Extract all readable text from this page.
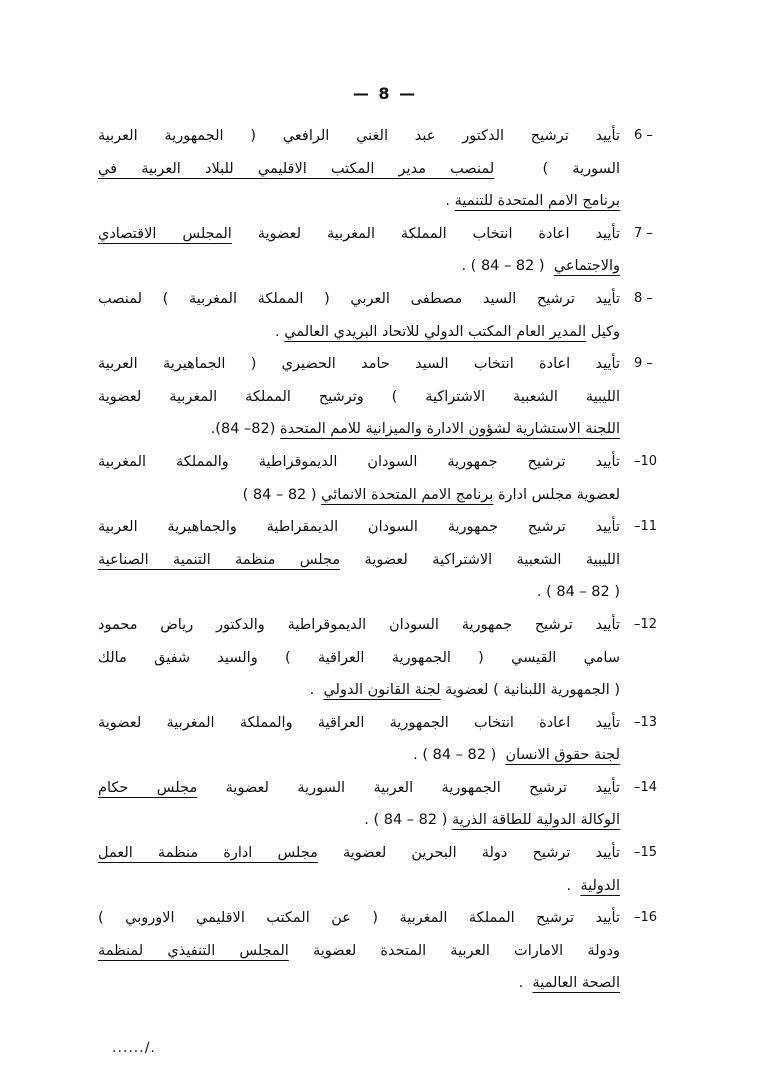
— 8 —
6 –
تأييد ترشيح الدكتور عبد الغني الرافعي ( الجمهورية العربية
السورية )  لمنصب مدير المكتب الاقليمي للبلاد العربية في
برنامج الامم المتحدة للتنمية .
7 –
تأييد اعادة انتخاب المملكة المغربية لعضوية المجلس الاقتصادي
والاجتماعي  ( 82 – 84 ) .
8 –
تأييد ترشيح السيد مصطفى العربي ( المملكة المغربية ) لمنصب
وكيل المدير العام المكتب الدولي للاتحاد البريدي العالمي .
9 –
تأييد اعادة انتخاب السيد حامد الحضيري ( الجماهيرية العربية
الليبية الشعبية الاشتراكية ) وترشيح المملكة المغربية لعضوية
اللجنة الاستشارية لشؤون الادارة والميزانية للامم المتحدة (82– 84).
–10
تأييد ترشيح جمهورية السودان الديموقراطية والمملكة المغربية
لعضوية مجلس ادارة برنامج الامم المتحدة الانمائي ( 82 – 84 )
–11
تأييد ترشيح جمهورية السودان الديمقراطية والجماهيرية العربية
الليبية الشعبية الاشتراكية لعضوية مجلس منظمة التنمية الصناعية
( 82 – 84 ) .
–12
تأييد ترشيح جمهورية السودان الديموقراطية والدكتور رياض محمود
سامي القيسي ( الجمهورية العراقية ) والسيد شفيق مالك
( الجمهورية اللبنانية ) لعضوية لجنة القانون الدولي  .
–13
تأييد اعادة انتخاب الجمهورية العراقية والمملكة المغربية لعضوية
لجنة حقوق الانسان  ( 82 – 84 ) .
–14
تأييد ترشيح الجمهورية العربية السورية لعضوية مجلس حكام
الوكالة الدولية للطاقة الذرية ( 82 – 84 ) .
–15
تأييد ترشيح دولة البحرين لعضوية مجلس ادارة منظمة العمل
الدولية  .
–16
تأييد ترشيح المملكة المغربية ( عن المكتب الاقليمي الاوروبي )
ودولة الامارات العربية المتحدة لعضوية المجلس التنفيذي لمنظمة
الصحة العالمية  .
....../.
